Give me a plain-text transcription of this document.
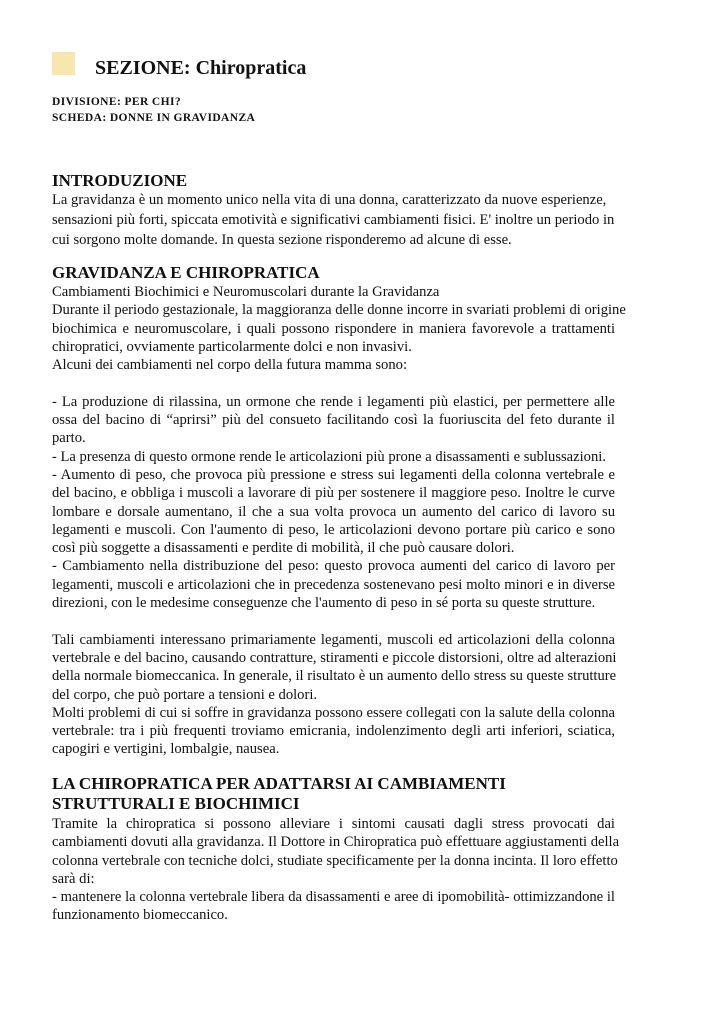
SEZIONE: Chiropratica
DIVISIONE: PER CHI?
SCHEDA: DONNE IN GRAVIDANZA
INTRODUZIONE
La gravidanza è un momento unico nella vita di una donna, caratterizzato da nuove esperienze,
sensazioni più forti, spiccata emotività e significativi cambiamenti fisici. E' inoltre un periodo in
cui sorgono molte domande. In questa sezione risponderemo ad alcune di esse.
GRAVIDANZA E CHIROPRATICA
Cambiamenti Biochimici e Neuromuscolari durante la Gravidanza
Durante il periodo gestazionale, la maggioranza delle donne incorre in svariati problemi di origine
biochimica e neuromuscolare, i quali possono rispondere in maniera favorevole a trattamenti
chiropratici, ovviamente particolarmente dolci e non invasivi.
Alcuni dei cambiamenti nel corpo della futura mamma sono:
- La produzione di rilassina, un ormone che rende i legamenti più elastici, per permettere alle
ossa del bacino di “aprirsi” più del consueto facilitando così la fuoriuscita del feto durante il
parto.
- La presenza di questo ormone rende le articolazioni più prone a disassamenti e sublussazioni.
- Aumento di peso, che provoca più pressione e stress sui legamenti della colonna vertebrale e
del bacino, e obbliga i muscoli a lavorare di più per sostenere il maggiore peso. Inoltre le curve
lombare e dorsale aumentano, il che a sua volta provoca un aumento del carico di lavoro su
legamenti e muscoli. Con l'aumento di peso, le articolazioni devono portare più carico e sono
così più soggette a disassamenti e perdite di mobilità, il che può causare dolori.
- Cambiamento nella distribuzione del peso: questo provoca aumenti del carico di lavoro per
legamenti, muscoli e articolazioni che in precedenza sostenevano pesi molto minori e in diverse
direzioni, con le medesime conseguenze che l'aumento di peso in sé porta su queste strutture.
Tali cambiamenti interessano primariamente legamenti, muscoli ed articolazioni della colonna
vertebrale e del bacino, causando contratture, stiramenti e piccole distorsioni, oltre ad alterazioni
della normale biomeccanica. In generale, il risultato è un aumento dello stress su queste strutture
del corpo, che può portare a tensioni e dolori.
Molti problemi di cui si soffre in gravidanza possono essere collegati con la salute della colonna
vertebrale: tra i più frequenti troviamo emicrania, indolenzimento degli arti inferiori, sciatica,
capogiri e vertigini, lombalgie, nausea.
LA CHIROPRATICA PER ADATTARSI AI CAMBIAMENTI
STRUTTURALI E BIOCHIMICI
Tramite la chiropratica si possono alleviare i sintomi causati dagli stress provocati dai
cambiamenti dovuti alla gravidanza. Il Dottore in Chiropratica può effettuare aggiustamenti della
colonna vertebrale con tecniche dolci, studiate specificamente per la donna incinta. Il loro effetto
sarà di:
- mantenere la colonna vertebrale libera da disassamenti e aree di ipomobilità- ottimizzandone il
funzionamento biomeccanico.
